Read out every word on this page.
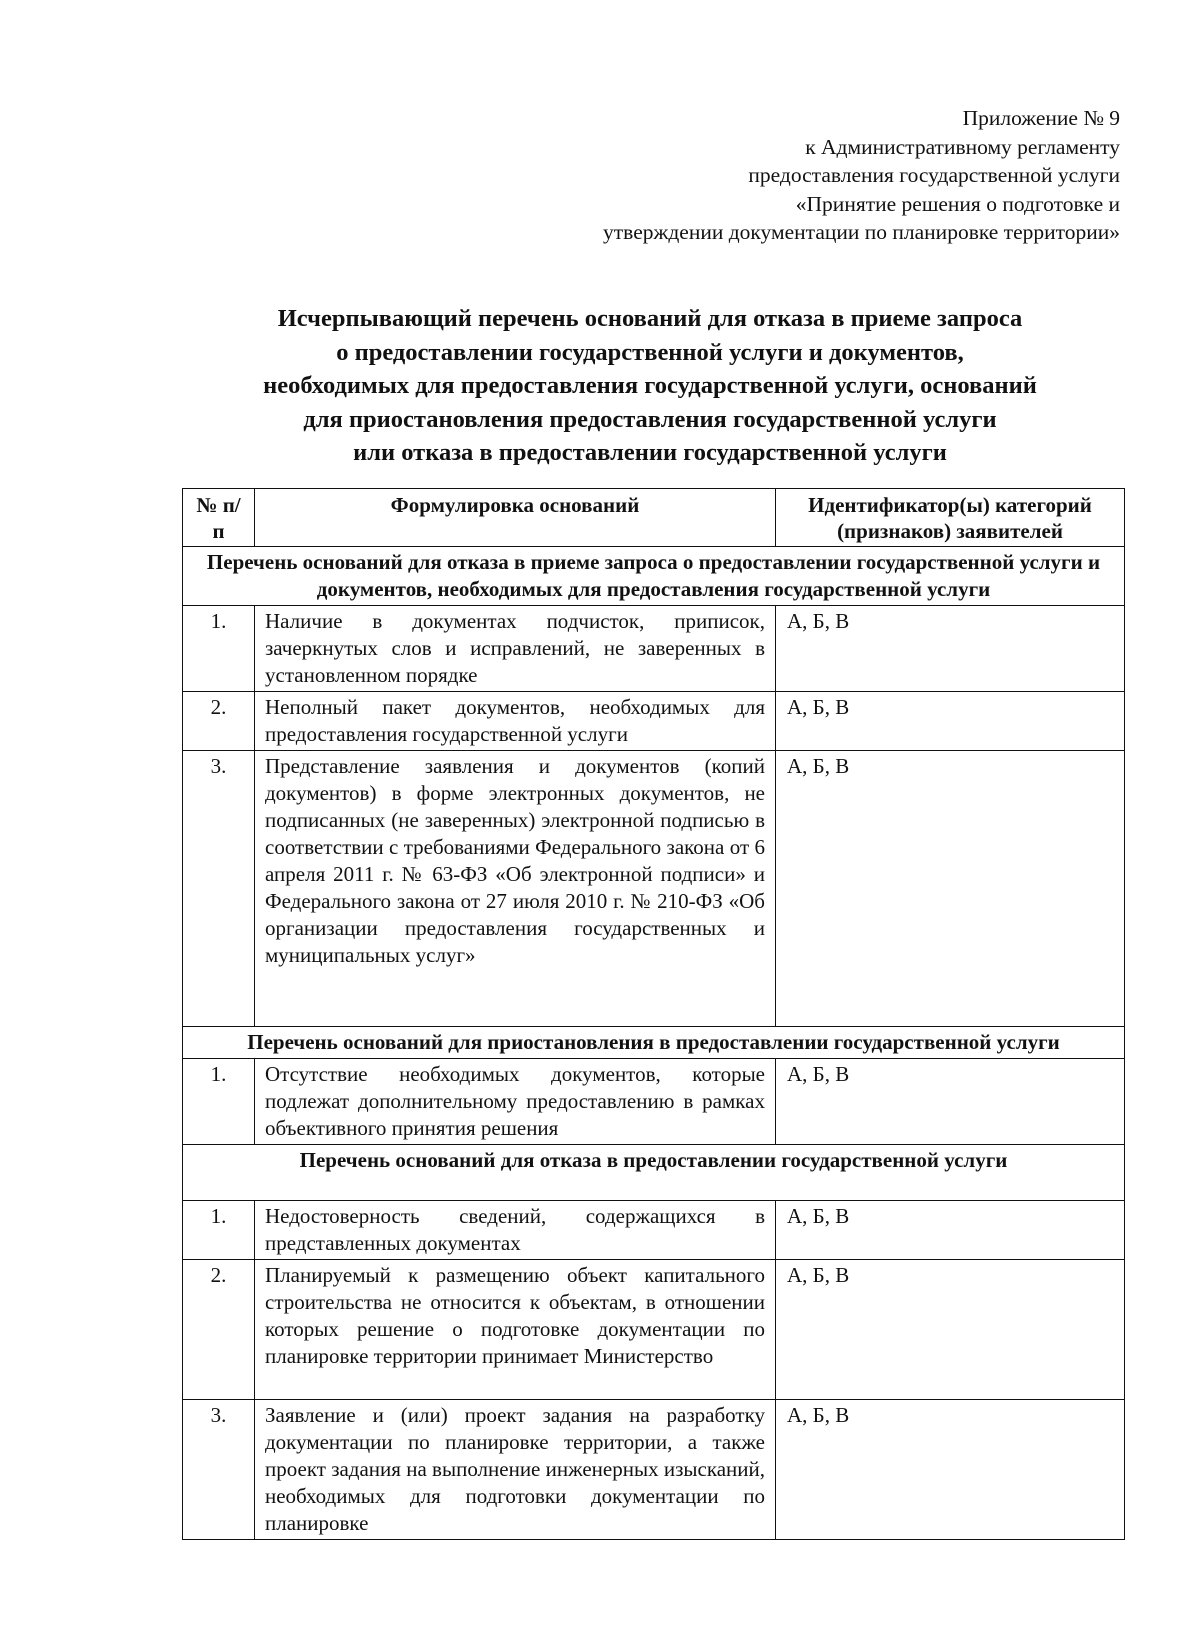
Приложение № 9
к Административному регламенту
предоставления государственной услуги
«Принятие решения о подготовке и
утверждении документации по планировке территории»
Исчерпывающий перечень оснований для отказа в приеме запроса
о предоставлении государственной услуги и документов,
необходимых для предоставления государственной услуги, оснований
для приостановления предоставления государственной услуги
или отказа в предоставлении государственной услуги
№ п/п	Формулировка оснований	Идентификатор(ы) категорий (признаков) заявителей
Перечень оснований для отказа в приеме запроса о предоставлении государственной услуги и документов, необходимых для предоставления государственной услуги		
1.	Наличие в документах подчисток, приписок, зачеркнутых слов и исправлений, не заверенных в установленном порядке	А, Б, В
2.	Неполный пакет документов, необходимых для предоставления государственной услуги	А, Б, В
3.	Представление заявления и документов (копий документов) в форме электронных документов, не подписанных (не заверенных) электронной подписью в соответствии с требованиями Федерального закона от 6 апреля 2011 г. № 63-ФЗ «Об электронной подписи» и Федерального закона от 27 июля 2010 г. № 210-ФЗ «Об организации предоставления государственных и муниципальных услуг»	А, Б, В
Перечень оснований для приостановления в предоставлении государственной услуги		
1.	Отсутствие необходимых документов, которые подлежат дополнительному предоставлению в рамках объективного принятия решения	А, Б, В
Перечень оснований для отказа в предоставлении государственной услуги		
1.	Недостоверность сведений, содержащихся в представленных документах	А, Б, В
2.	Планируемый к размещению объект капитального строительства не относится к объектам, в отношении которых решение о подготовке документации по планировке территории принимает Министерство	А, Б, В
3.	Заявление и (или) проект задания на разработку документации по планировке территории, а также проект задания на выполнение инженерных изысканий, необходимых для подготовки документации по планировке	А, Б, В
